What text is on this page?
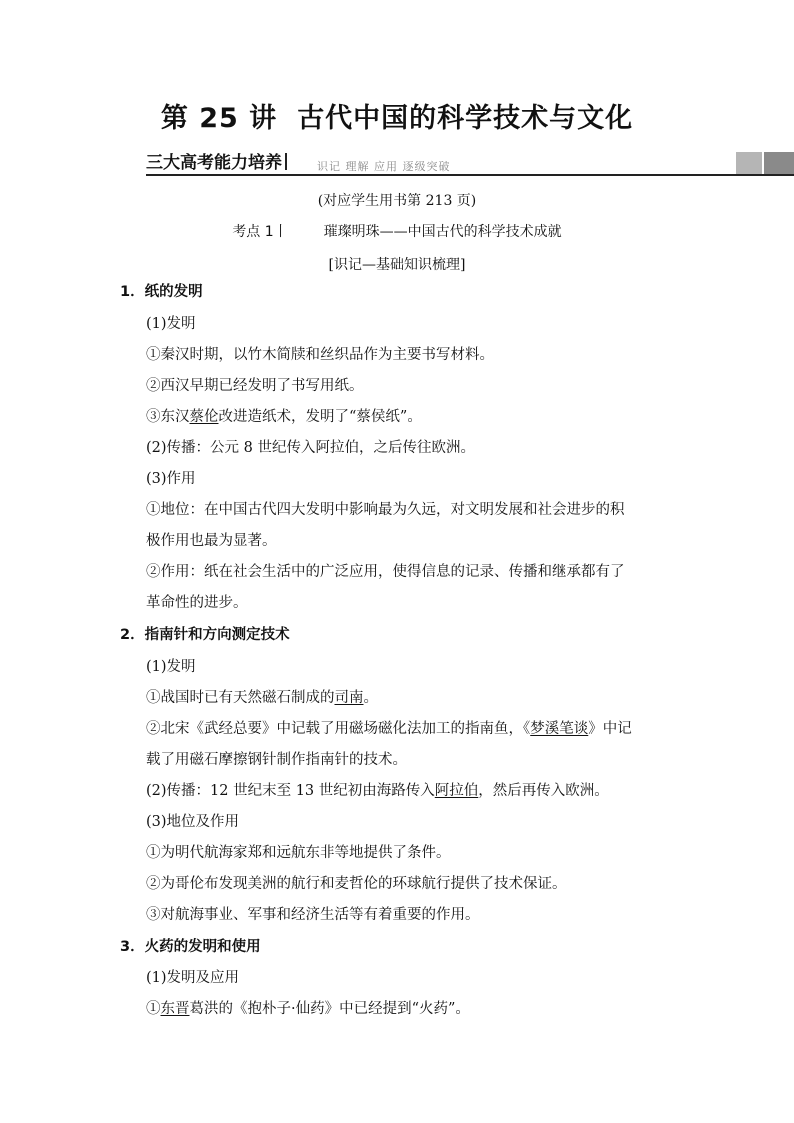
第 25 讲 古代中国的科学技术与文化
三大高考能力培养	识记 理解 应用 逐级突破
(对应学生用书第 213 页)
考点 1丨	璀璨明珠——中国古代的科学技术成就
[识记—基础知识梳理]
1．纸的发明
(1)发明
①秦汉时期，以竹木简牍和丝织品作为主要书写材料。
②西汉早期已经发明了书写用纸。
③东汉蔡伦改进造纸术，发明了“蔡侯纸”。
(2)传播：公元 8 世纪传入阿拉伯，之后传往欧洲。
(3)作用
①地位：在中国古代四大发明中影响最为久远，对文明发展和社会进步的积
极作用也最为显著。
②作用：纸在社会生活中的广泛应用，使得信息的记录、传播和继承都有了
革命性的进步。
2．指南针和方向测定技术
(1)发明
①战国时已有天然磁石制成的司南。
②北宋《武经总要》中记载了用磁场磁化法加工的指南鱼，《梦溪笔谈》中记
载了用磁石摩擦钢针制作指南针的技术。
(2)传播：12 世纪末至 13 世纪初由海路传入阿拉伯，然后再传入欧洲。
(3)地位及作用
①为明代航海家郑和远航东非等地提供了条件。
②为哥伦布发现美洲的航行和麦哲伦的环球航行提供了技术保证。
③对航海事业、军事和经济生活等有着重要的作用。
3．火药的发明和使用
(1)发明及应用
①东晋葛洪的《抱朴子·仙药》中已经提到“火药”。
